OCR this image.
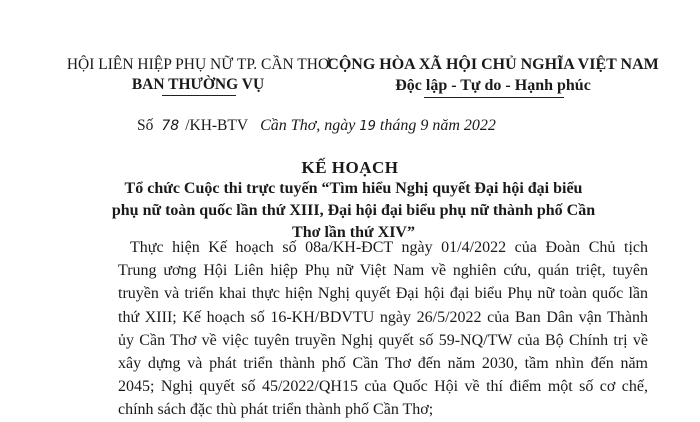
HỘI LIÊN HIỆP PHỤ NỮ TP. CẦN THƠ
BAN THƯỜNG VỤ
CỘNG HÒA XÃ HỘI CHỦ NGHĨA VIỆT NAM
Độc lập - Tự do - Hạnh phúc
Số 78 /KH-BTV Cần Thơ, ngày 19 tháng 9 năm 2022
KẾ HOẠCH
Tổ chức Cuộc thi trực tuyến “Tìm hiểu Nghị quyết Đại hội đại biểu phụ nữ toàn quốc lần thứ XIII, Đại hội đại biểu phụ nữ thành phố Cần Thơ lần thứ XIV”

Thực hiện Kế hoạch số 08a/KH-ĐCT ngày 01/4/2022 của Đoàn Chủ tịch

Trung ương Hội Liên hiệp Phụ nữ Việt Nam về nghiên cứu, quán triệt, tuyên

truyền và triển khai thực hiện Nghị quyết Đại hội đại biểu Phụ nữ toàn quốc lần

thứ XIII; Kế hoạch số 16-KH/BDVTU ngày 26/5/2022 của Ban Dân vận Thành

ủy Cần Thơ về việc tuyên truyền Nghị quyết số 59-NQ/TW của Bộ Chính trị về

xây dựng và phát triển thành phố Cần Thơ đến năm 2030, tầm nhìn đến năm

2045; Nghị quyết số 45/2022/QH15 của Quốc Hội về thí điểm một số cơ chế,

chính sách đặc thù phát triển thành phố Cần Thơ;
